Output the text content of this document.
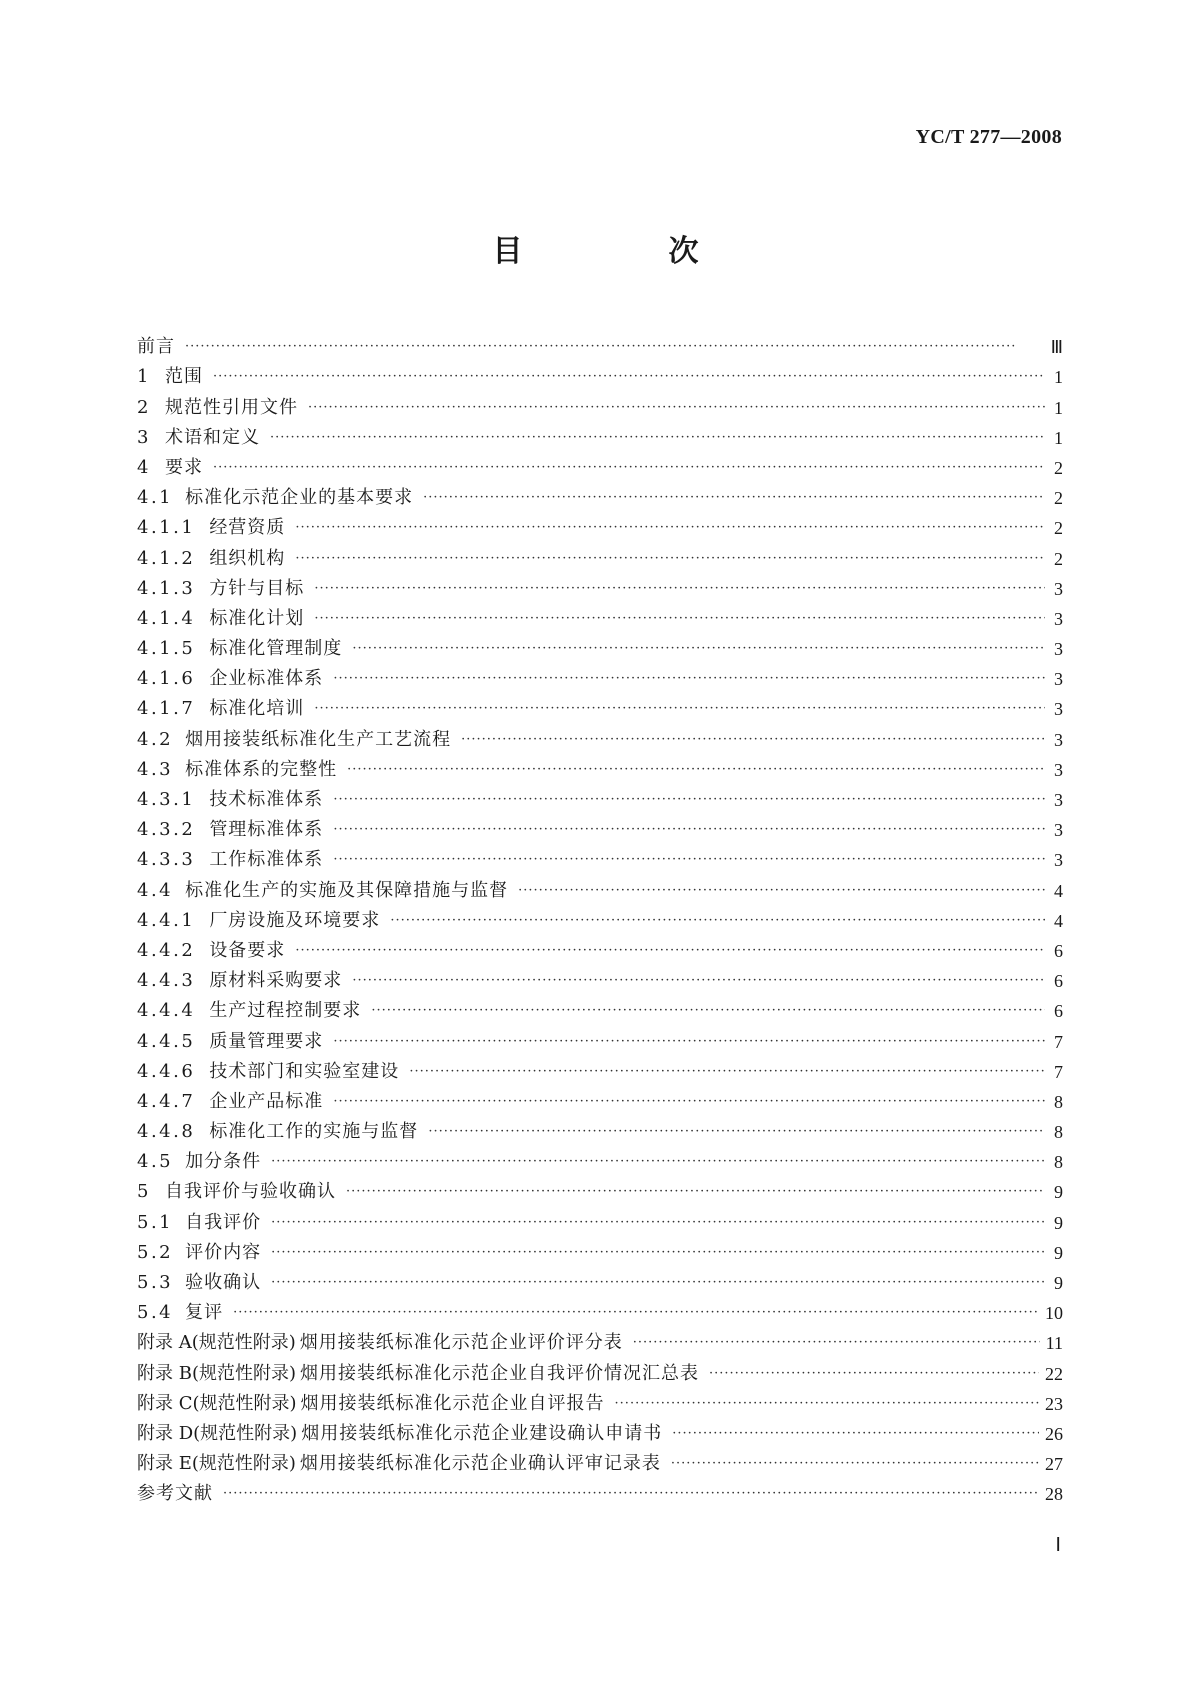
YC/T 277—2008
目　次
前言 ·····	Ⅲ
1 范围 ·····	1
2 规范性引用文件 ·····	1
3 术语和定义 ·····	1
4 要求 ·····	2
4.1 标准化示范企业的基本要求 ·····	2
4.1.1 经营资质 ·····	2
4.1.2 组织机构 ·····	2
4.1.3 方针与目标 ·····	3
4.1.4 标准化计划 ·····	3
4.1.5 标准化管理制度 ·····	3
4.1.6 企业标准体系 ·····	3
4.1.7 标准化培训 ·····	3
4.2 烟用接装纸标准化生产工艺流程 ·····	3
4.3 标准体系的完整性 ·····	3
4.3.1 技术标准体系 ·····	3
4.3.2 管理标准体系 ·····	3
4.3.3 工作标准体系 ·····	3
4.4 标准化生产的实施及其保障措施与监督 ·····	4
4.4.1 厂房设施及环境要求 ·····	4
4.4.2 设备要求 ·····	6
4.4.3 原材料采购要求 ·····	6
4.4.4 生产过程控制要求 ·····	6
4.4.5 质量管理要求 ·····	7
4.4.6 技术部门和实验室建设 ·····	7
4.4.7 企业产品标准 ·····	8
4.4.8 标准化工作的实施与监督 ·····	8
4.5 加分条件 ·····	8
5 自我评价与验收确认 ·····	9
5.1 自我评价 ·····	9
5.2 评价内容 ·····	9
5.3 验收确认 ·····	9
5.4 复评 ·····	10
附录 A(规范性附录) 烟用接装纸标准化示范企业评价评分表 ·····	11
附录 B(规范性附录) 烟用接装纸标准化示范企业自我评价情况汇总表 ·····	22
附录 C(规范性附录) 烟用接装纸标准化示范企业自评报告 ·····	23
附录 D(规范性附录) 烟用接装纸标准化示范企业建设确认申请书 ·····	26
附录 E(规范性附录) 烟用接装纸标准化示范企业确认评审记录表 ·····	27
参考文献 ·····	28
Ⅰ
